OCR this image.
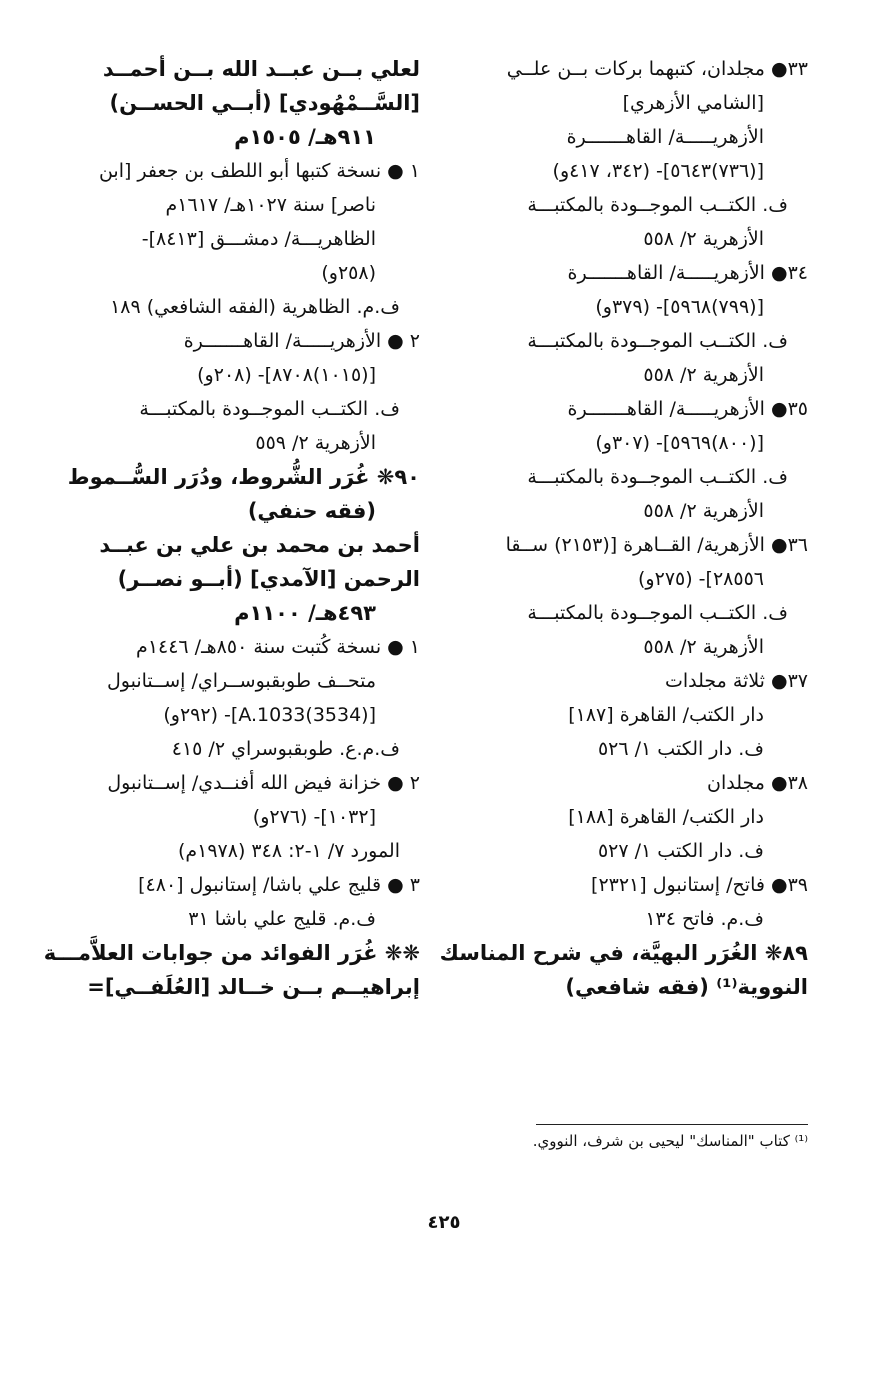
٣٣● مجلدان، كتبهما بركات بــن علــي
[الشامي الأزهري]
الأزهريـــــة/ القاهـــــــرة
[(٧٣٦)٥٦٤٣]- (٣٤٢، ٤١٧و)
ف. الكتــب الموجــودة بالمكتبـــة
الأزهرية ٢/ ٥٥٨
٣٤● الأزهريـــــة/ القاهـــــــرة
[(٧٩٩)٥٩٦٨]- (٣٧٩و)
ف. الكتــب الموجــودة بالمكتبـــة
الأزهرية ٢/ ٥٥٨
٣٥● الأزهريـــــة/ القاهـــــــرة
[(٨٠٠)٥٩٦٩]- (٣٠٧و)
ف. الكتــب الموجــودة بالمكتبـــة
الأزهرية ٢/ ٥٥٨
٣٦● الأزهرية/ القــاهرة [(٢١٥٣) ســقا
٢٨٥٥٦]- (٢٧٥و)
ف. الكتــب الموجــودة بالمكتبـــة
الأزهرية ٢/ ٥٥٨
٣٧● ثلاثة مجلدات
دار الكتب/ القاهرة [١٨٧]
ف. دار الكتب ١/ ٥٢٦
٣٨● مجلدان
دار الكتب/ القاهرة [١٨٨]
ف. دار الكتب ١/ ٥٢٧
٣٩● فاتح/ إستانبول [٢٣٢١]
ف.م. فاتح ١٣٤
٨٩❋ الغُرَر البهيَّة، في شرح المناسك
النووية⁽¹⁾ (فقه شافعي)
لعلي بــن عبــد الله بــن أحمــد
[السَّــمْهُودي] (أبــي الحســن)
٩١١هـ/ ١٥٠٥م
١ ● نسخة كتبها أبو اللطف بن جعفر [ابن
ناصر] سنة ١٠٢٧هـ/ ١٦١٧م
الظاهريـــة/ دمشـــق [٨٤١٣]-
(٢٥٨و)
ف.م. الظاهرية (الفقه الشافعي) ١٨٩
٢ ● الأزهريـــــة/ القاهـــــــرة
[(١٠١٥)٨٧٠٨]- (٢٠٨و)
ف. الكتــب الموجــودة بالمكتبـــة
الأزهرية ٢/ ٥٥٩
٩٠❋ غُرَر الشُّروط، ودُرَر السُّــموط
(فقه حنفي)
أحمد بن محمد بن علي بن عبــد
الرحمن [الآمدي] (أبــو نصــر)
٤٩٣هـ/ ١١٠٠م
١ ● نسخة كُتبت سنة ٨٥٠هـ/ ١٤٤٦م
متحــف طوبقبوســراي/ إســتانبول
[(3534)A.1033]- (٢٩٢و)
ف.م.ع. طوبقبوسراي ٢/ ٤١٥
٢ ● خزانة فيض الله أفنــدي/ إســتانبول
[١٠٣٢]- (٢٧٦و)
المورد ٧/ ١-٢: ٣٤٨ (١٩٧٨م)
٣ ● قليج علي باشا/ إستانبول [٤٨٠]
ف.م. قليج علي باشا ٣١
❋❋ غُرَر الفوائد من جوابات العلاَّمـــة
إبراهيــم بــن خــالد [العُلَفــي]=
⁽¹⁾ كتاب "المناسك" ليحيى بن شرف، النووي.
٤٢٥
